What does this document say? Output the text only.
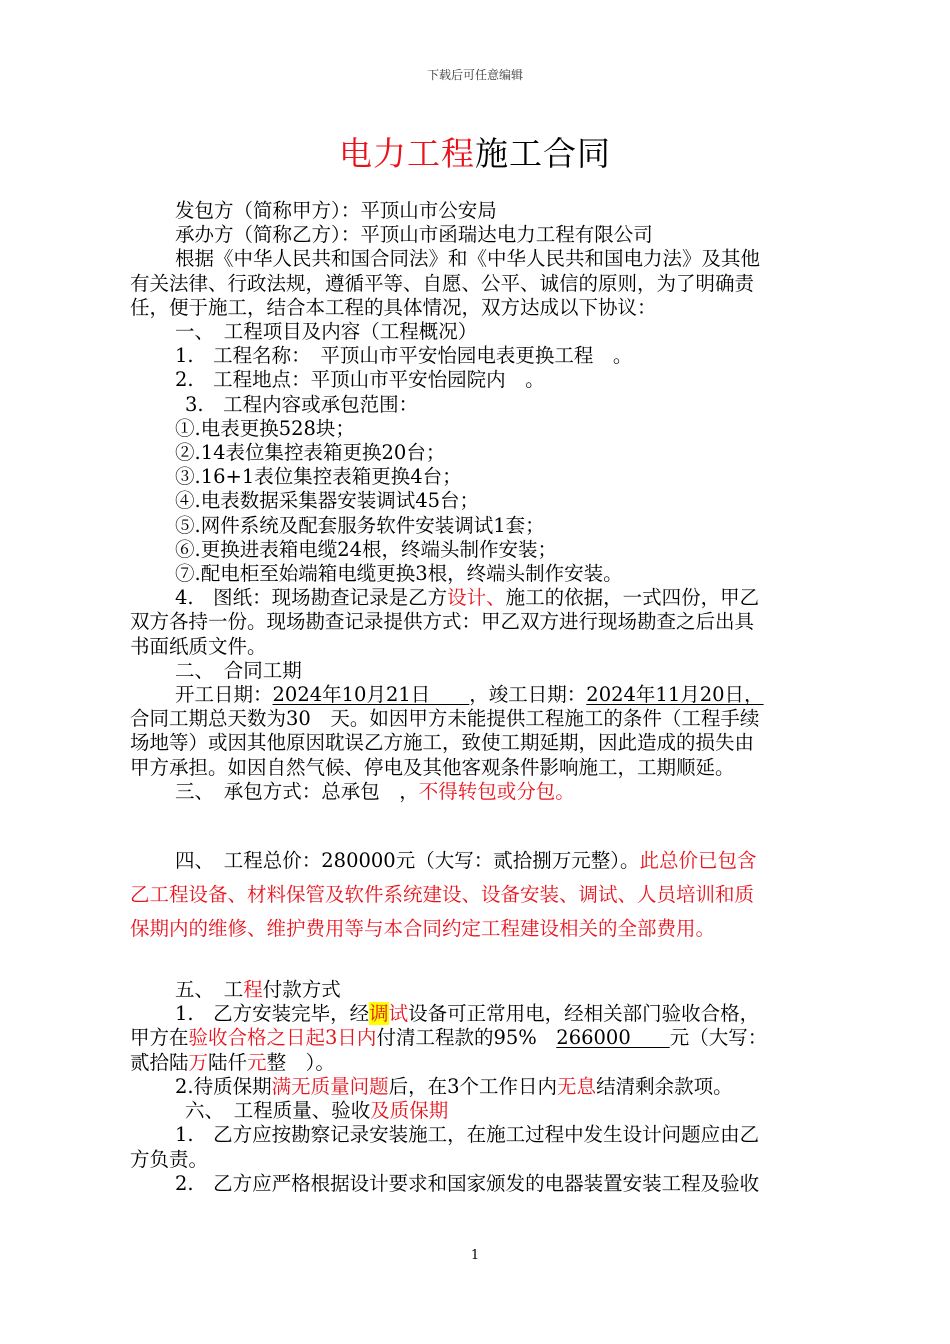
下载后可任意编辑
电力工程施工合同

发包方（简称甲方）：平顶山市公安局

承办方（简称乙方）：平顶山市函瑞达电力工程有限公司

根据《中华人民共和国合同法》和《中华人民共和国电力法》及其他

有关法律、行政法规，遵循平等、自愿、公平、诚信的原则，为了明确责

任，便于施工，结合本工程的具体情况，双方达成以下协议：

一、　工程项目及内容（工程概况）

1.　工程名称：　平顶山市平安怡园电表更换工程　。

2.　工程地点：平顶山市平安怡园院内　。

3.　工程内容或承包范围：

①.电表更换528块；

②.14表位集控表箱更换20台；

③.16+1表位集控表箱更换4台；

④.电表数据采集器安装调试45台；

⑤.网件系统及配套服务软件安装调试1套；

⑥.更换进表箱电缆24根，终端头制作安装；

⑦.配电柜至始端箱电缆更换3根，终端头制作安装。

4.　图纸：现场勘查记录是乙方设计、施工的依据，一式四份，甲乙

双方各持一份。现场勘查记录提供方式：甲乙双方进行现场勘查之后出具

书面纸质文件。

二、　合同工期

开工日期：2024年10月21日　　，竣工日期：2024年11月20日，

合同工期总天数为30　天。如因甲方未能提供工程施工的条件（工程手续

场地等）或因其他原因耽误乙方施工，致使工期延期，因此造成的损失由

甲方承担。如因自然气候、停电及其他客观条件影响施工，工期顺延。

三、　承包方式：总承包　，不得转包或分包。

四、　工程总价：280000元（大写：贰拾捌万元整）。此总价已包含

乙工程设备、材料保管及软件系统建设、设备安装、调试、人员培训和质

保期内的维修、维护费用等与本合同约定工程建设相关的全部费用。

五、　工程付款方式

1.　乙方安装完毕，经调试设备可正常用电，经相关部门验收合格，

甲方在验收合格之日起3日内付清工程款的95%　266000　　元（大写：

贰拾陆万陆仟元整　）。

2.待质保期满无质量问题后，在3个工作日内无息结清剩余款项。

六、　工程质量、验收及质保期

1.　乙方应按勘察记录安装施工，在施工过程中发生设计问题应由乙

方负责。

2.　乙方应严格根据设计要求和国家颁发的电器装置安装工程及验收

1
